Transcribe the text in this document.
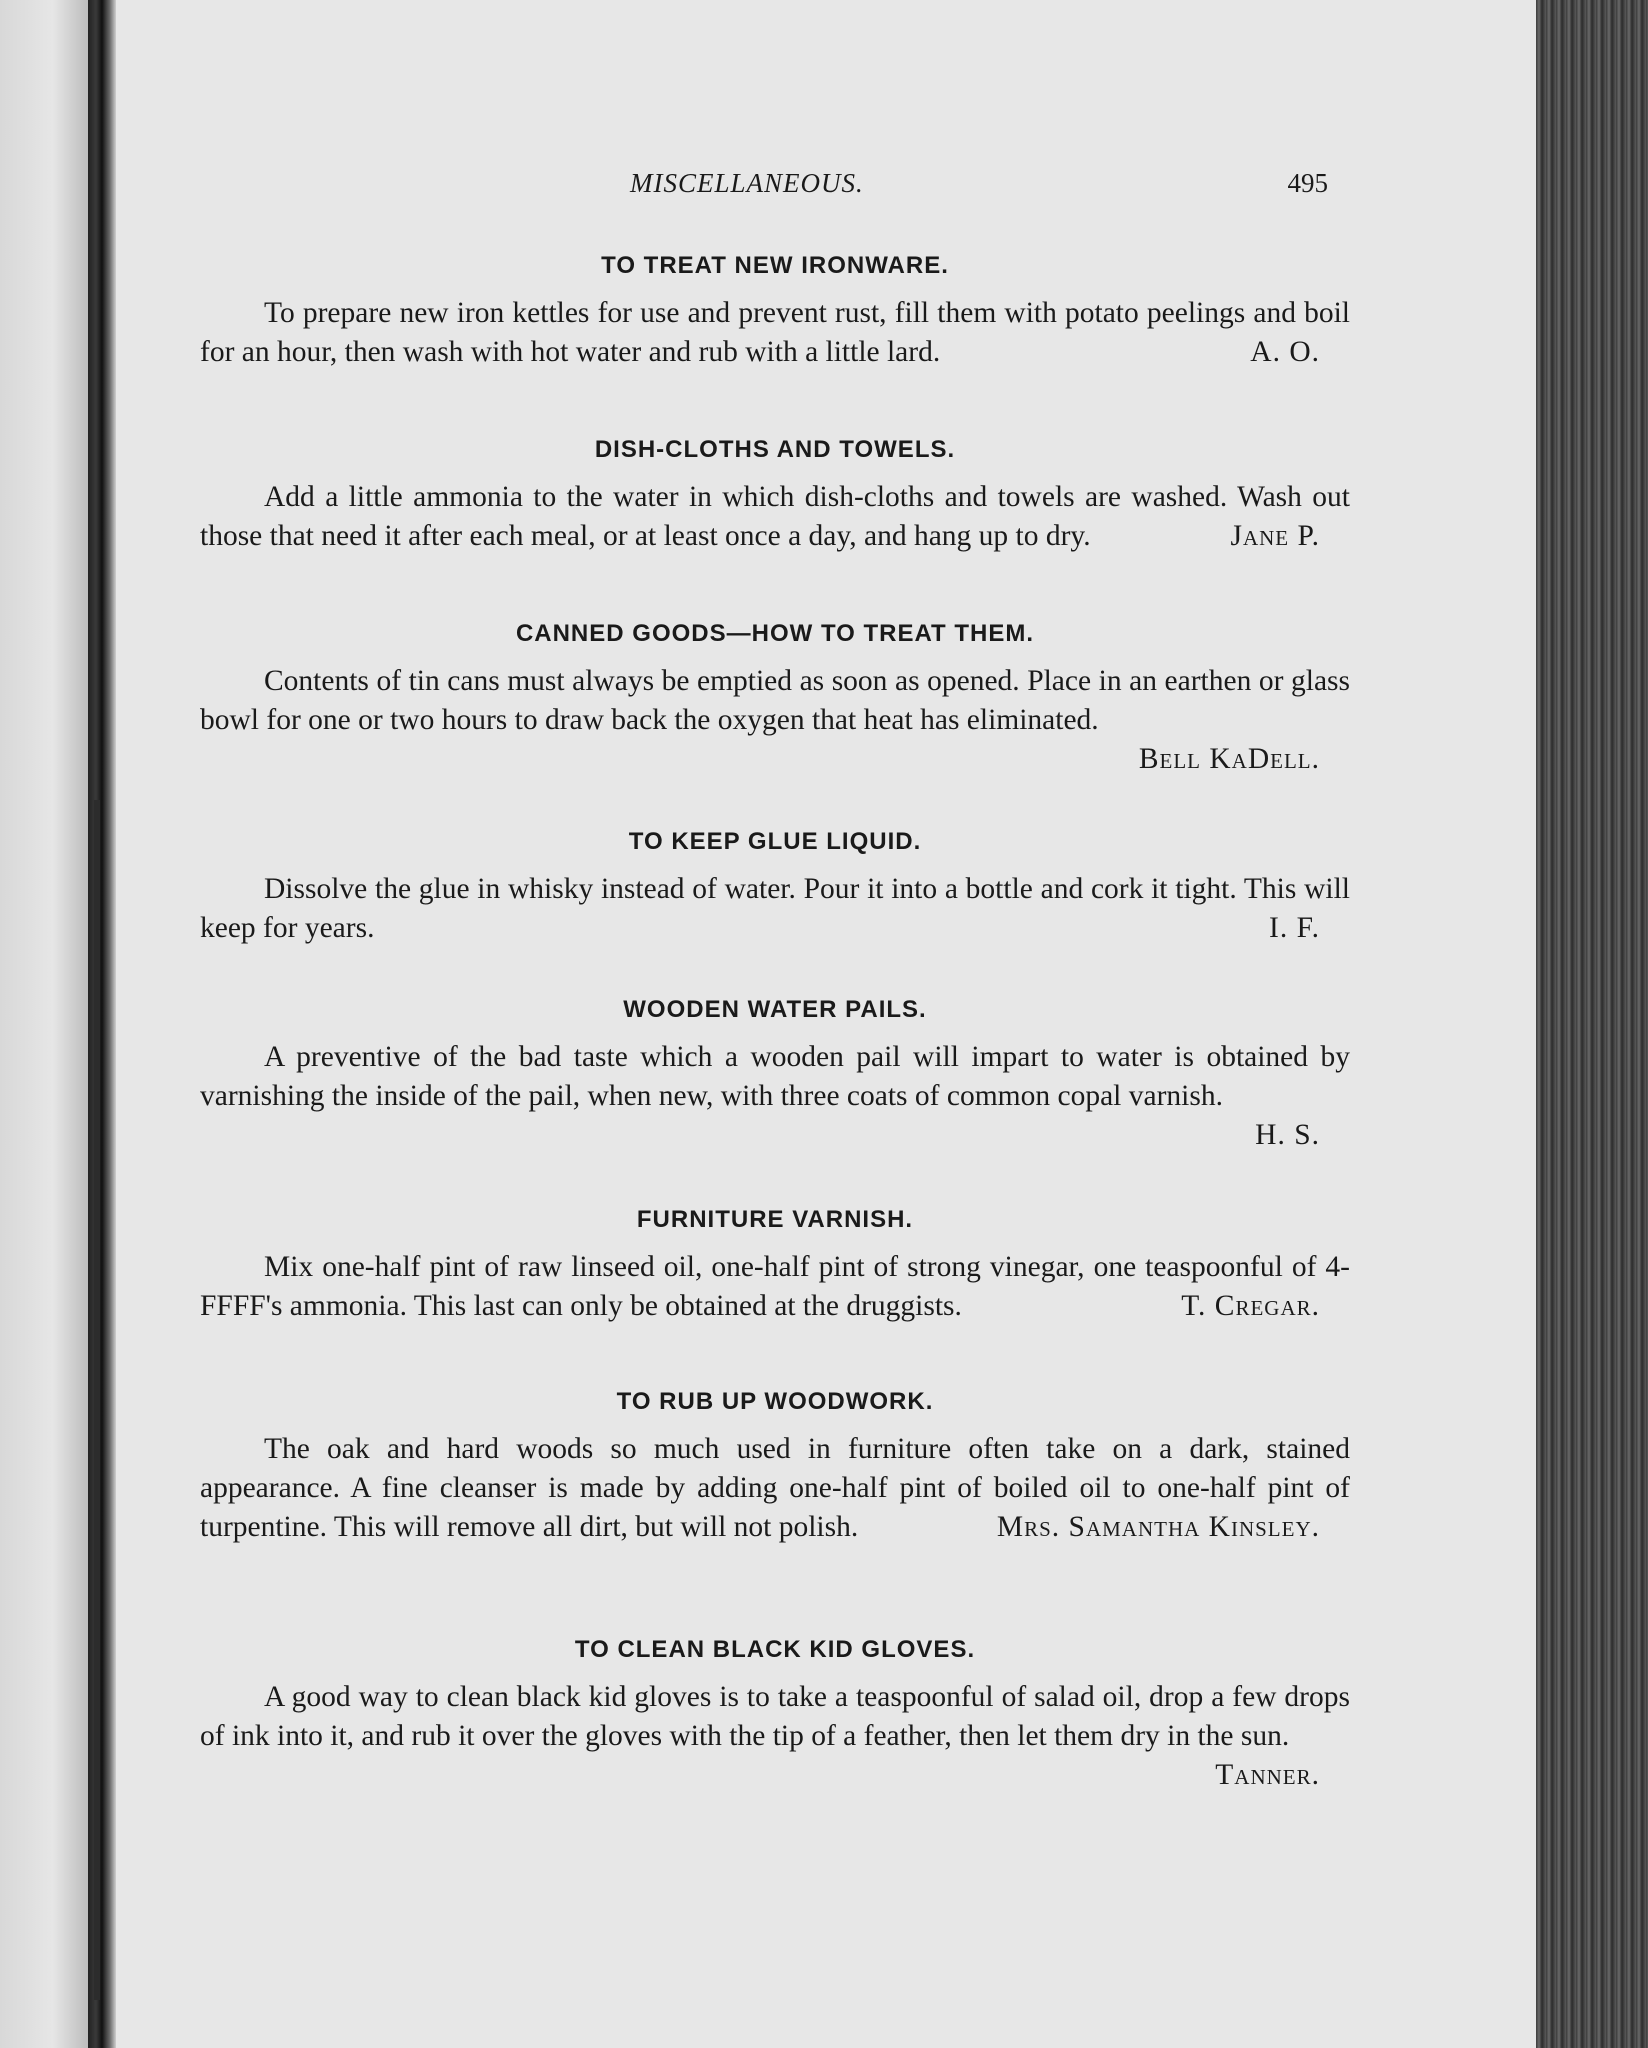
MISCELLANEOUS.	495
TO TREAT NEW IRONWARE.

To prepare new iron kettles for use and prevent rust, fill them with potato peelings and boil for an hour, then wash with hot water and rub with a little lard.	A. O.

DISH-CLOTHS AND TOWELS.

Add a little ammonia to the water in which dish-cloths and towels are washed. Wash out those that need it after each meal, or at least once a day, and hang up to dry.	Jane P.

CANNED GOODS—HOW TO TREAT THEM.

Contents of tin cans must always be emptied as soon as opened. Place in an earthen or glass bowl for one or two hours to draw back the oxygen that heat has eliminated.
Bell KaDell.

TO KEEP GLUE LIQUID.

Dissolve the glue in whisky instead of water. Pour it into a bottle and cork it tight. This will keep for years.	I. F.

WOODEN WATER PAILS.

A preventive of the bad taste which a wooden pail will impart to water is obtained by varnishing the inside of the pail, when new, with three coats of common copal varnish.
H. S.

FURNITURE VARNISH.

Mix one-half pint of raw linseed oil, one-half pint of strong vinegar, one teaspoonful of 4-FFFF's ammonia. This last can only be obtained at the druggists.	T. Cregar.

TO RUB UP WOODWORK.

The oak and hard woods so much used in furniture often take on a dark, stained appearance. A fine cleanser is made by adding one-half pint of boiled oil to one-half pint of turpentine. This will remove all dirt, but will not polish.	Mrs. Samantha Kinsley.

TO CLEAN BLACK KID GLOVES.

A good way to clean black kid gloves is to take a teaspoonful of salad oil, drop a few drops of ink into it, and rub it over the gloves with the tip of a feather, then let them dry in the sun.
Tanner.
